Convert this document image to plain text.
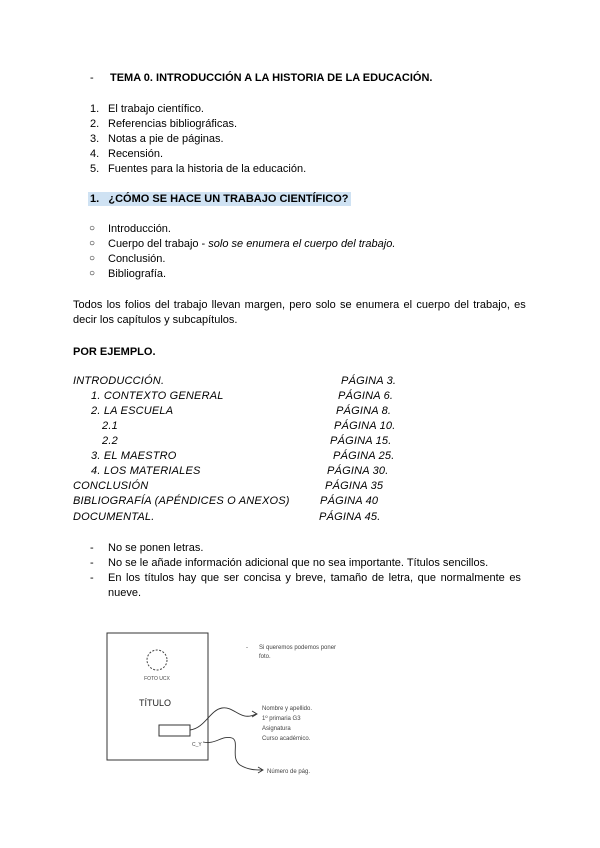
- TEMA 0. INTRODUCCIÓN A LA HISTORIA DE LA EDUCACIÓN.
1. El trabajo científico.
2. Referencias bibliográficas.
3. Notas a pie de páginas.
4. Recensión.
5. Fuentes para la historia de la educación.
1. ¿CÓMO SE HACE UN TRABAJO CIENTÍFICO?
○ Introducción.
○ Cuerpo del trabajo - solo se enumera el cuerpo del trabajo.
○ Conclusión.
○ Bibliografía.
Todos los folios del trabajo llevan margen, pero solo se enumera el cuerpo del trabajo, es
decir los capítulos y subcapítulos.
POR EJEMPLO.
INTRODUCCIÓN.	PÁGINA 3.
1. CONTEXTO GENERAL	PÁGINA 6.
2. LA ESCUELA	PÁGINA 8.
2.1	PÁGINA 10.
2.2	PÁGINA 15.
3. EL MAESTRO	PÁGINA 25.
4. LOS MATERIALES	PÁGINA 30.
CONCLUSIÓN	PÁGINA 35
BIBLIOGRAFÍA (APÉNDICES O ANEXOS)	PÁGINA 40
DOCUMENTAL.	PÁGINA 45.
- No se ponen letras.
- No se le añade información adicional que no sea importante. Títulos sencillos.
- En los títulos hay que ser concisa y breve, tamaño de letra, que normalmente es
nueve.
FOTO UCX
TÍTULO
C_Y
- Si queremos podemos poner
foto.
Nombre y apellido.
1º primaria G3
Asignatura
Curso académico.
Número de pág.
